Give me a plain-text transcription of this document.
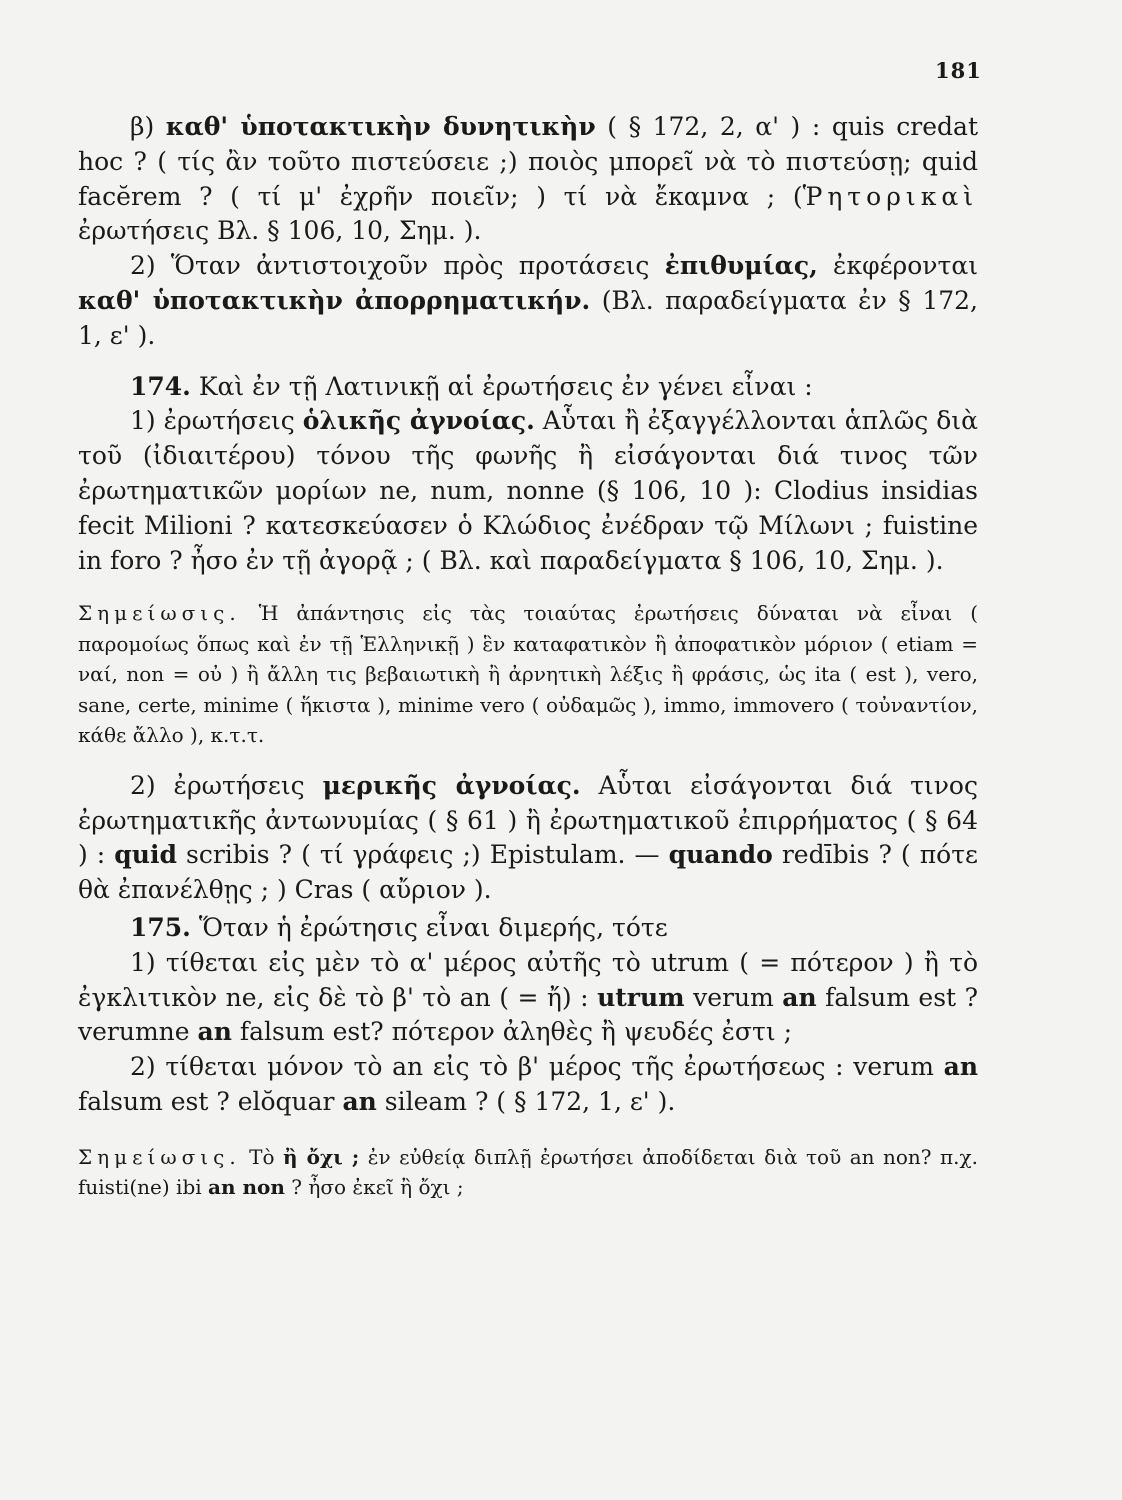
181

β) καθ' ὑποτακτικὴν δυνητικὴν ( § 172, 2, α' ) : quis credat hoc ? ( τίς ἂν τοῦτο πιστεύσειε ;) ποιὸς μπορεῖ νὰ τὸ πιστεύσῃ; quid facĕrem ? ( τί μ' ἐχρῆν ποιεῖν; ) τί νὰ ἔκαμνα ; (Ῥητορικαὶ ἐρωτήσεις Βλ. § 106, 10, Σημ. ).

2) Ὅταν ἀντιστοιχοῦν πρὸς προτάσεις ἐπιθυμίας, ἐκφέρονται καθ' ὑποτακτικὴν ἀπορρηματικήν. (Βλ. παραδείγματα ἐν § 172, 1, ε' ).

174. Καὶ ἐν τῇ Λατινικῇ αἱ ἐρωτήσεις ἐν γένει εἶναι :

1) ἐρωτήσεις ὁλικῆς ἀγνοίας. Αὗται ἢ ἐξαγγέλλονται ἁπλῶς διὰ τοῦ (ἰδιαιτέρου) τόνου τῆς φωνῆς ἢ εἰσάγονται διά τινος τῶν ἐρωτηματικῶν μορίων ne, num, nonne (§ 106, 10 ): Clodius insidias fecit Milioni ? κατεσκεύασεν ὁ Κλώδιος ἐνέδραν τῷ Μίλωνι ; fuistine in foro ? ἦσο ἐν τῇ ἀγορᾷ ; ( Βλ. καὶ παραδείγματα § 106, 10, Σημ. ).

Σημείωσις. Ἡ ἀπάντησις εἰς τὰς τοιαύτας ἐρωτήσεις δύναται νὰ εἶναι ( παρομοίως ὅπως καὶ ἐν τῇ Ἑλληνικῇ ) ἓν καταφατικὸν ἢ ἀποφατικὸν μόριον ( etiam = ναί, non = οὐ ) ἢ ἄλλη τις βεβαιωτικὴ ἢ ἀρνητικὴ λέξις ἢ φράσις, ὡς ita ( est ), vero, sane, certe, minime ( ἥκιστα ), minime vero ( οὐδαμῶς ), immo, immovero ( τοὐναντίον, κάθε ἄλλο ), κ.τ.τ.

2) ἐρωτήσεις μερικῆς ἀγνοίας. Αὗται εἰσάγονται διά τινος ἐρωτηματικῆς ἀντωνυμίας ( § 61 ) ἢ ἐρωτηματικοῦ ἐπιρρήματος ( § 64 ) : quid scribis ? ( τί γράφεις ;) Epistulam. — quando redībis ? ( πότε θὰ ἐπανέλθῃς ; ) Cras ( αὔριον ).

175. Ὅταν ἡ ἐρώτησις εἶναι διμερής, τότε

1) τίθεται εἰς μὲν τὸ α' μέρος αὐτῆς τὸ utrum ( = πότερον ) ἢ τὸ ἐγκλιτικὸν ne, εἰς δὲ τὸ β' τὸ an ( = ἤ) : utrum verum an falsum est ? verumne an falsum est? πότερον ἀληθὲς ἢ ψευδές ἐστι ;

2) τίθεται μόνον τὸ an εἰς τὸ β' μέρος τῆς ἐρωτήσεως : verum an falsum est ? elŏquar an sileam ? ( § 172, 1, ε' ).

Σημείωσις. Τὸ ἢ ὄχι ; ἐν εὐθείᾳ διπλῇ ἐρωτήσει ἀποδίδεται διὰ τοῦ an non? π.χ. fuisti(ne) ibi an non ? ἦσο ἐκεῖ ἢ ὄχι ;
